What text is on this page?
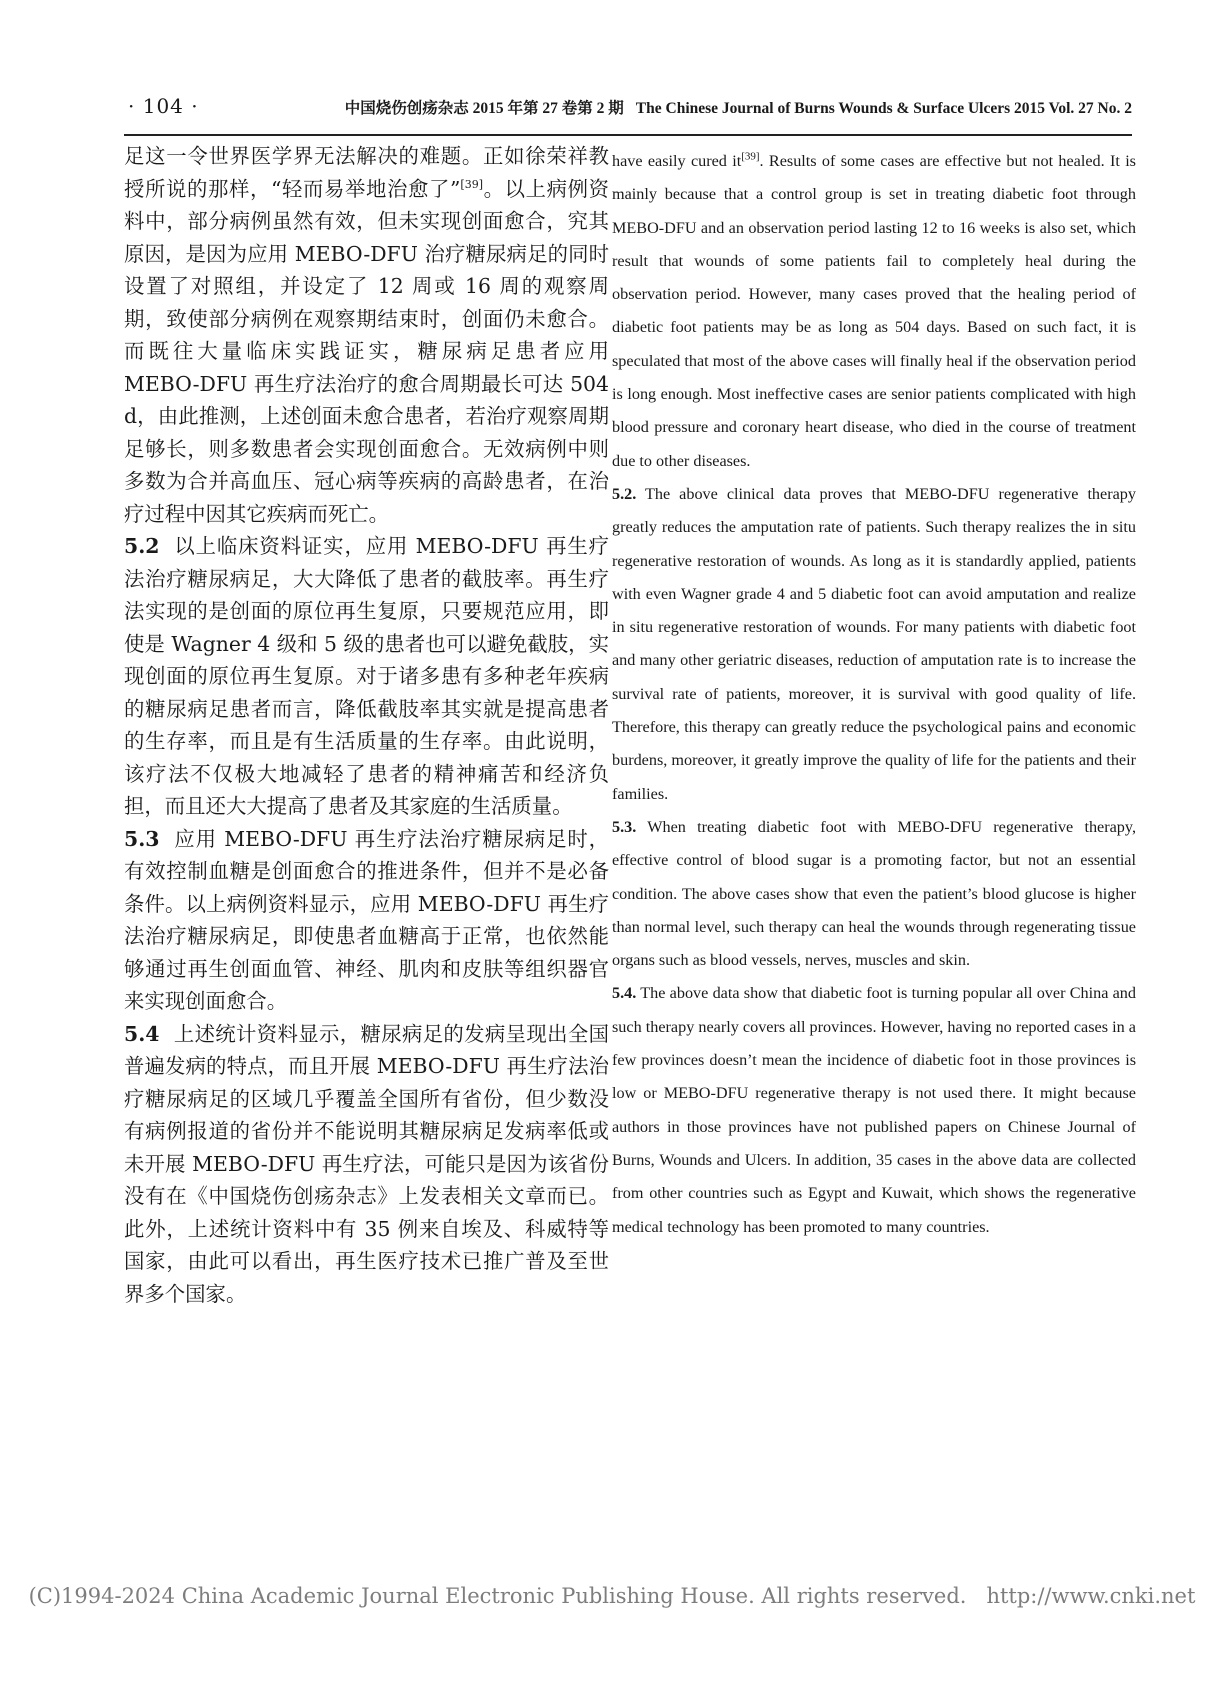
· 104 ·	中国烧伤创疡杂志 2015 年第 27 卷第 2 期 The Chinese Journal of Burns Wounds & Surface Ulcers 2015 Vol. 27 No. 2

足这一令世界医学界无法解决的难题。正如徐荣祥教授所说的那样，“轻而易举地治愈了”[39]。以上病例资料中，部分病例虽然有效，但未实现创面愈合，究其原因，是因为应用 MEBO-DFU 治疗糖尿病足的同时设置了对照组，并设定了 12 周或 16 周的观察周期，致使部分病例在观察期结束时，创面仍未愈合。而既往大量临床实践证实，糖尿病足患者应用 MEBO-DFU 再生疗法治疗的愈合周期最长可达 504 d，由此推测，上述创面未愈合患者，若治疗观察周期足够长，则多数患者会实现创面愈合。无效病例中则多数为合并高血压、冠心病等疾病的高龄患者，在治疗过程中因其它疾病而死亡。

5.2 以上临床资料证实，应用 MEBO-DFU 再生疗法治疗糖尿病足，大大降低了患者的截肢率。再生疗法实现的是创面的原位再生复原，只要规范应用，即使是 Wagner 4 级和 5 级的患者也可以避免截肢，实现创面的原位再生复原。对于诸多患有多种老年疾病的糖尿病足患者而言，降低截肢率其实就是提高患者的生存率，而且是有生活质量的生存率。由此说明，该疗法不仅极大地减轻了患者的精神痛苦和经济负担，而且还大大提高了患者及其家庭的生活质量。

5.3 应用 MEBO-DFU 再生疗法治疗糖尿病足时，有效控制血糖是创面愈合的推进条件，但并不是必备条件。以上病例资料显示，应用 MEBO-DFU 再生疗法治疗糖尿病足，即使患者血糖高于正常，也依然能够通过再生创面血管、神经、肌肉和皮肤等组织器官来实现创面愈合。

5.4 上述统计资料显示，糖尿病足的发病呈现出全国普遍发病的特点，而且开展 MEBO-DFU 再生疗法治疗糖尿病足的区域几乎覆盖全国所有省份，但少数没有病例报道的省份并不能说明其糖尿病足发病率低或未开展 MEBO-DFU 再生疗法，可能只是因为该省份没有在《中国烧伤创疡杂志》上发表相关文章而已。此外，上述统计资料中有 35 例来自埃及、科威特等国家，由此可以看出，再生医疗技术已推广普及至世界多个国家。

have easily cured it[39]. Results of some cases are effective but not healed. It is mainly because that a control group is set in treating diabetic foot through MEBO-DFU and an observation period lasting 12 to 16 weeks is also set, which result that wounds of some patients fail to completely heal during the observation period. However, many cases proved that the healing period of diabetic foot patients may be as long as 504 days. Based on such fact, it is speculated that most of the above cases will finally heal if the observation period is long enough. Most ineffective cases are senior patients complicated with high blood pressure and coronary heart disease, who died in the course of treatment due to other diseases.

5.2. The above clinical data proves that MEBO-DFU regenerative therapy greatly reduces the amputation rate of patients. Such therapy realizes the in situ regenerative restoration of wounds. As long as it is standardly applied, patients with even Wagner grade 4 and 5 diabetic foot can avoid amputation and realize in situ regenerative restoration of wounds. For many patients with diabetic foot and many other geriatric diseases, reduction of amputation rate is to increase the survival rate of patients, moreover, it is survival with good quality of life. Therefore, this therapy can greatly reduce the psychological pains and economic burdens, moreover, it greatly improve the quality of life for the patients and their families.

5.3. When treating diabetic foot with MEBO-DFU regenerative therapy, effective control of blood sugar is a promoting factor, but not an essential condition. The above cases show that even the patient’s blood glucose is higher than normal level, such therapy can heal the wounds through regenerating tissue organs such as blood vessels, nerves, muscles and skin.

5.4. The above data show that diabetic foot is turning popular all over China and such therapy nearly covers all provinces. However, having no reported cases in a few provinces doesn’t mean the incidence of diabetic foot in those provinces is low or MEBO-DFU regenerative therapy is not used there. It might because authors in those provinces have not published papers on Chinese Journal of Burns, Wounds and Ulcers. In addition, 35 cases in the above data are collected from other countries such as Egypt and Kuwait, which shows the regenerative medical technology has been promoted to many countries.

(C)1994-2024 China Academic Journal Electronic Publishing House. All rights reserved. http://www.cnki.net
